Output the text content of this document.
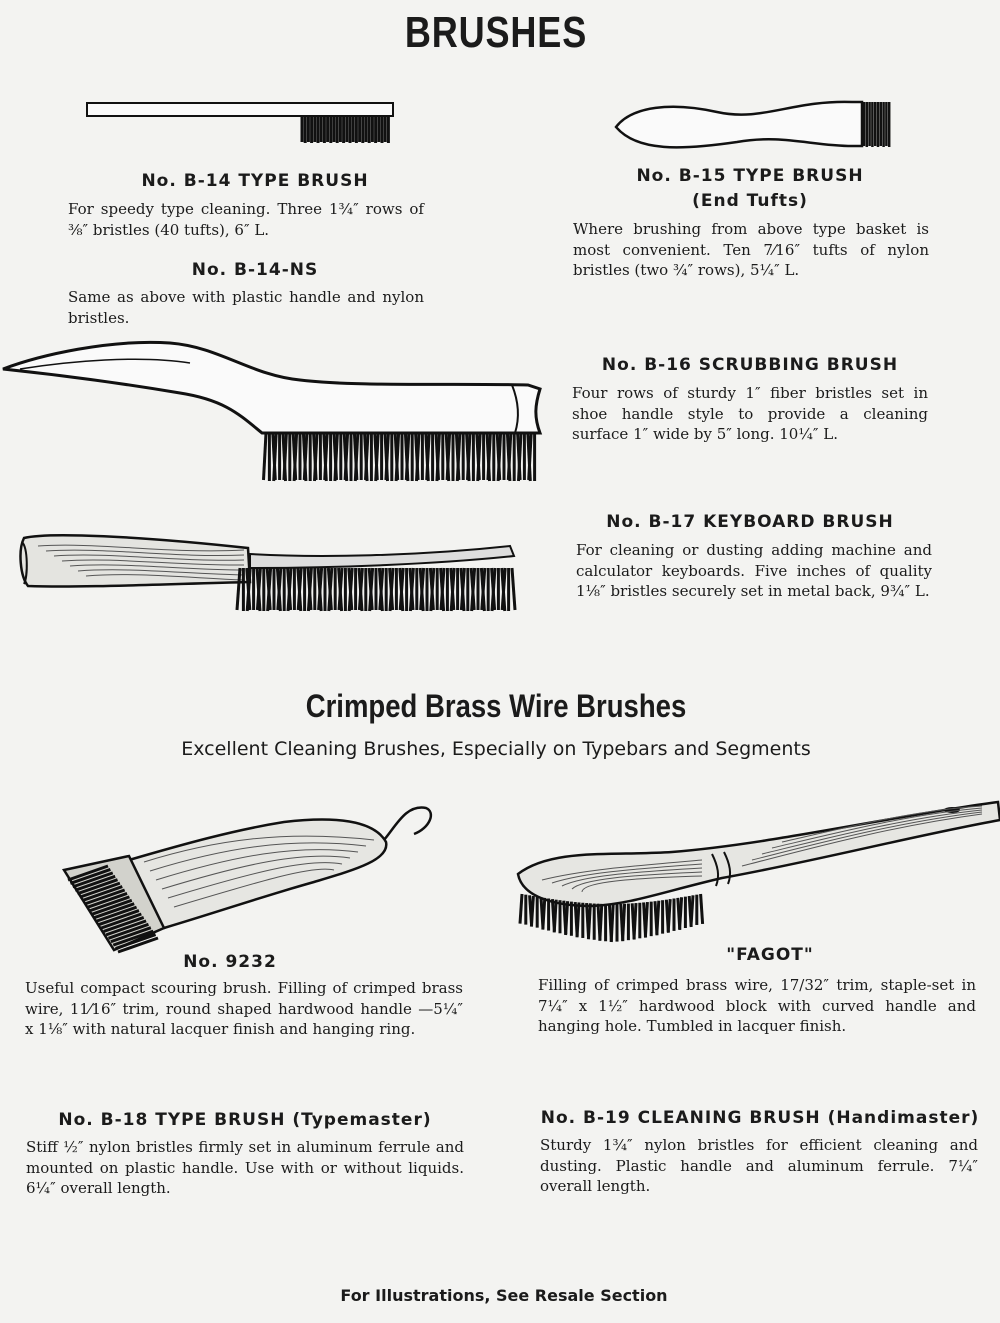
BRUSHES
No. B-14 TYPE BRUSH
For speedy type cleaning. Three 1¾″ rows of ⅜″ bristles (40 tufts), 6″ L.
No. B-14-NS
Same as above with plastic handle and nylon bristles.
No. B-15 TYPE BRUSH
(End Tufts)
Where brushing from above type basket is most convenient. Ten 7⁄16″ tufts of nylon bristles (two ¾″ rows), 5¼″ L.
No. B-16 SCRUBBING BRUSH
Four rows of sturdy 1″ fiber bristles set in shoe handle style to provide a cleaning surface 1″ wide by 5″ long. 10¼″ L.
No. B-17 KEYBOARD BRUSH
For cleaning or dusting adding machine and calculator keyboards. Five inches of quality 1⅛″ bristles securely set in metal back, 9¾″ L.
Crimped Brass Wire Brushes
Excellent Cleaning Brushes, Especially on Typebars and Segments
No. 9232
Useful compact scouring brush. Filling of crimped brass wire, 11⁄16″ trim, round shaped hardwood handle —5¼″ x 1⅛″ with natural lacquer finish and hanging ring.
"FAGOT"
Filling of crimped brass wire, 17/32″ trim, staple-set in 7¼″ x 1½″ hardwood block with curved handle and hanging hole. Tumbled in lacquer finish.
No. B-18 TYPE BRUSH (Typemaster)
Stiff ½″ nylon bristles firmly set in aluminum ferrule and mounted on plastic handle. Use with or without liquids. 6¼″ overall length.
No. B-19 CLEANING BRUSH (Handimaster)
Sturdy 1¾″ nylon bristles for efficient cleaning and dusting. Plastic handle and aluminum ferrule. 7¼″ overall length.
For Illustrations, See Resale Section
